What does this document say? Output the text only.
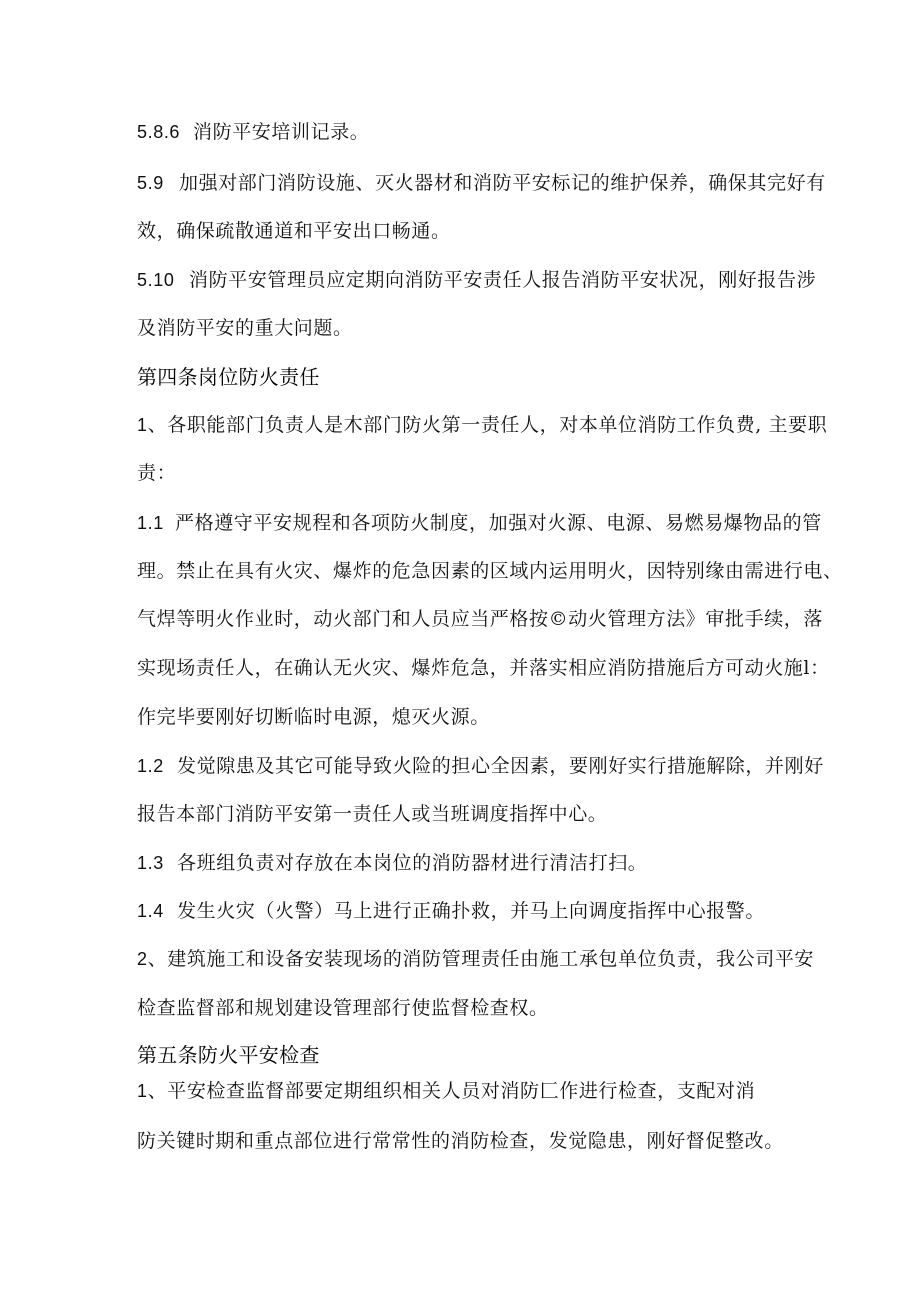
5.8.6 消防平安培训记录。
5.9 加强对部门消防设施、灭火器材和消防平安标记的维护保养，确保其完好有
效，确保疏散通道和平安出口畅通。
5.10 消防平安管理员应定期向消防平安责任人报告消防平安状况，刚好报告涉
及消防平安的重大问题。
第四条岗位防火责任
1、各职能部门负责人是木部门防火第一责任人，对本单位消防工作负费, 主要职
责：
1.1 严格遵守平安规程和各项防火制度，加强对火源、电源、易燃易爆物品的管
理。禁止在具有火灾、爆炸的危急因素的区域内运用明火，因特别缘由需进行电、
气焊等明火作业时，动火部门和人员应当严格按©动火管理方法》审批手续，落
实现场责任人，在确认无火灾、爆炸危急，并落实相应消防措施后方可动火施l：
作完毕要刚好切断临时电源，熄灭火源。
1.2 发觉隙患及其它可能导致火险的担心全因素，要刚好实行措施解除，并刚好
报告本部门消防平安第一责任人或当班调度指挥中心。
1.3 各班组负责对存放在本岗位的消防器材进行清洁打扫。
1.4 发生火灾（火警）马上进行正确扑救，并马上向调度指挥中心报警。
2、建筑施工和设备安装现场的消防管理责任由施工承包单位负责，我公司平安
检查监督部和规划建设管理部行使监督检查权。
第五条防火平安检查
1、平安检查监督部要定期组织相关人员对消防匚作进行检查，支配对消
防关键时期和重点部位进行常常性的消防检查，发觉隐患，刚好督促整改。
